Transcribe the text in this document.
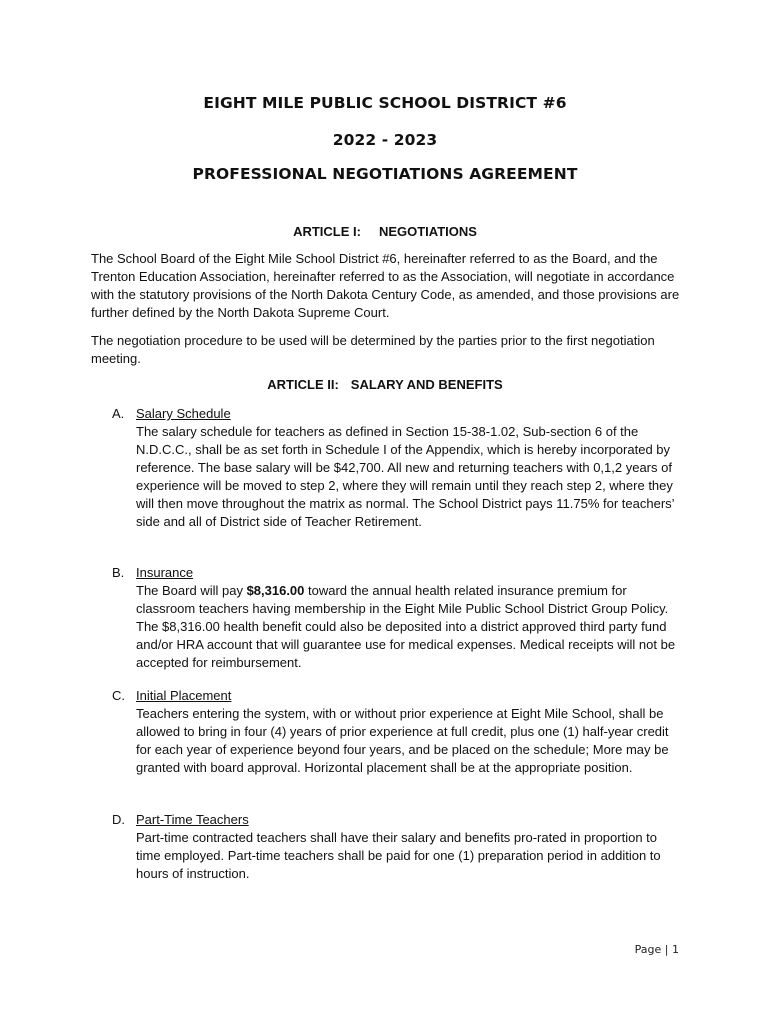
EIGHT MILE PUBLIC SCHOOL DISTRICT #6
2022 - 2023
PROFESSIONAL NEGOTIATIONS AGREEMENT
ARTICLE I: NEGOTIATIONS
The School Board of the Eight Mile School District #6, hereinafter referred to as the Board, and the Trenton Education Association, hereinafter referred to as the Association, will negotiate in accordance with the statutory provisions of the North Dakota Century Code, as amended, and those provisions are further defined by the North Dakota Supreme Court.
The negotiation procedure to be used will be determined by the parties prior to the first negotiation meeting.
ARTICLE II: SALARY AND BENEFITS
A. Salary Schedule
The salary schedule for teachers as defined in Section 15-38-1.02, Sub-section 6 of the N.D.C.C., shall be as set forth in Schedule I of the Appendix, which is hereby incorporated by reference. The base salary will be $42,700. All new and returning teachers with 0,1,2 years of experience will be moved to step 2, where they will remain until they reach step 2, where they will then move throughout the matrix as normal. The School District pays 11.75% for teachers’ side and all of District side of Teacher Retirement.
B. Insurance
The Board will pay $8,316.00 toward the annual health related insurance premium for classroom teachers having membership in the Eight Mile Public School District Group Policy. The $8,316.00 health benefit could also be deposited into a district approved third party fund and/or HRA account that will guarantee use for medical expenses. Medical receipts will not be accepted for reimbursement.
C. Initial Placement
Teachers entering the system, with or without prior experience at Eight Mile School, shall be allowed to bring in four (4) years of prior experience at full credit, plus one (1) half-year credit for each year of experience beyond four years, and be placed on the schedule; More may be granted with board approval. Horizontal placement shall be at the appropriate position.
D. Part-Time Teachers
Part-time contracted teachers shall have their salary and benefits pro-rated in proportion to time employed. Part-time teachers shall be paid for one (1) preparation period in addition to hours of instruction.
Page | 1
